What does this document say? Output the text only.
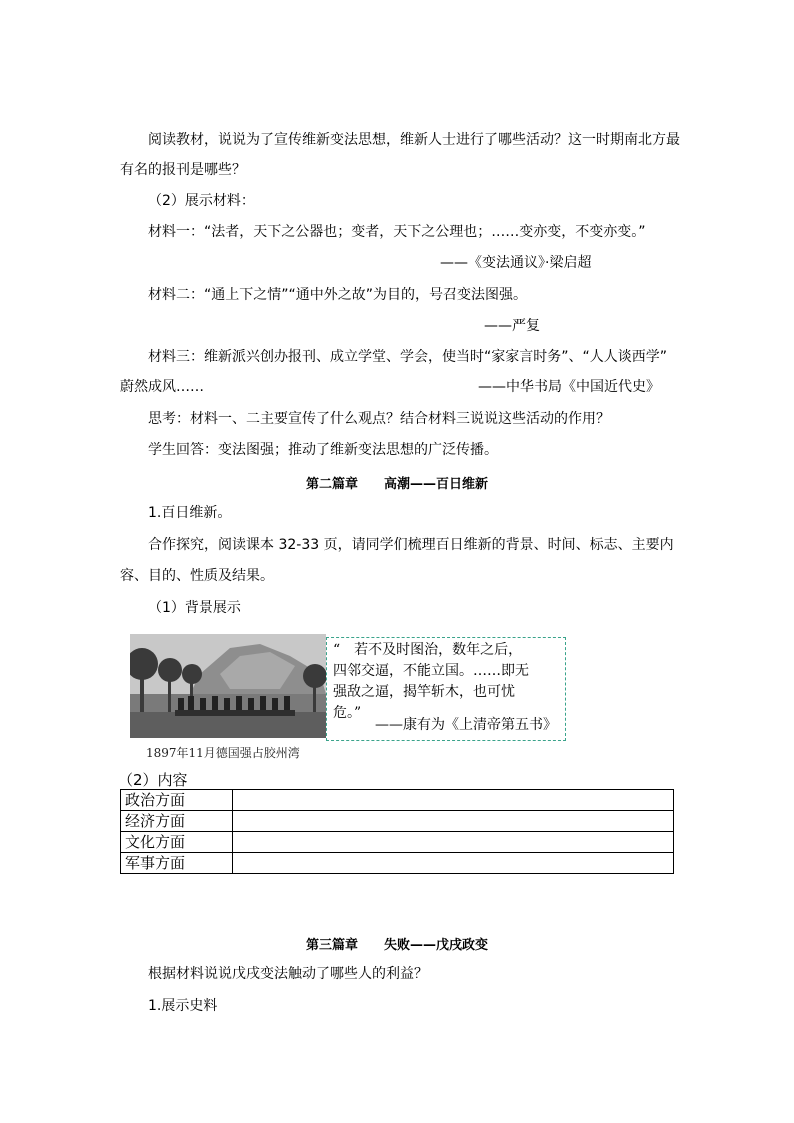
阅读教材，说说为了宣传维新变法思想，维新人士进行了哪些活动？这一时期南北方最
有名的报刊是哪些？
（2）展示材料：
材料一：“法者，天下之公器也；变者，天下之公理也；……变亦变，不变亦变。”
——《变法通议》·梁启超
材料二：“通上下之情”“通中外之故”为目的，号召变法图强。
——严复
材料三：维新派兴创办报刊、成立学堂、学会，使当时“家家言时务”、“人人谈西学”
蔚然成风……	——中华书局《中国近代史》
思考：材料一、二主要宣传了什么观点？结合材料三说说这些活动的作用？
学生回答：变法图强；推动了维新变法思想的广泛传播。
第二篇章　　高潮——百日维新
1.百日维新。
合作探究，阅读课本 32-33 页，请同学们梳理百日维新的背景、时间、标志、主要内
容、目的、性质及结果。
（1）背景展示
“　若不及时图治，数年之后，
四邻交逼，不能立国。……即无
强敌之逼，揭竿斩木，也可忧
危。”
——康有为《上清帝第五书》
1897年11月德国强占胶州湾
（2）内容
政治方面	
经济方面	
文化方面	
军事方面	
第三篇章　　失败——戊戌政变
根据材料说说戊戌变法触动了哪些人的利益？
1.展示史料
